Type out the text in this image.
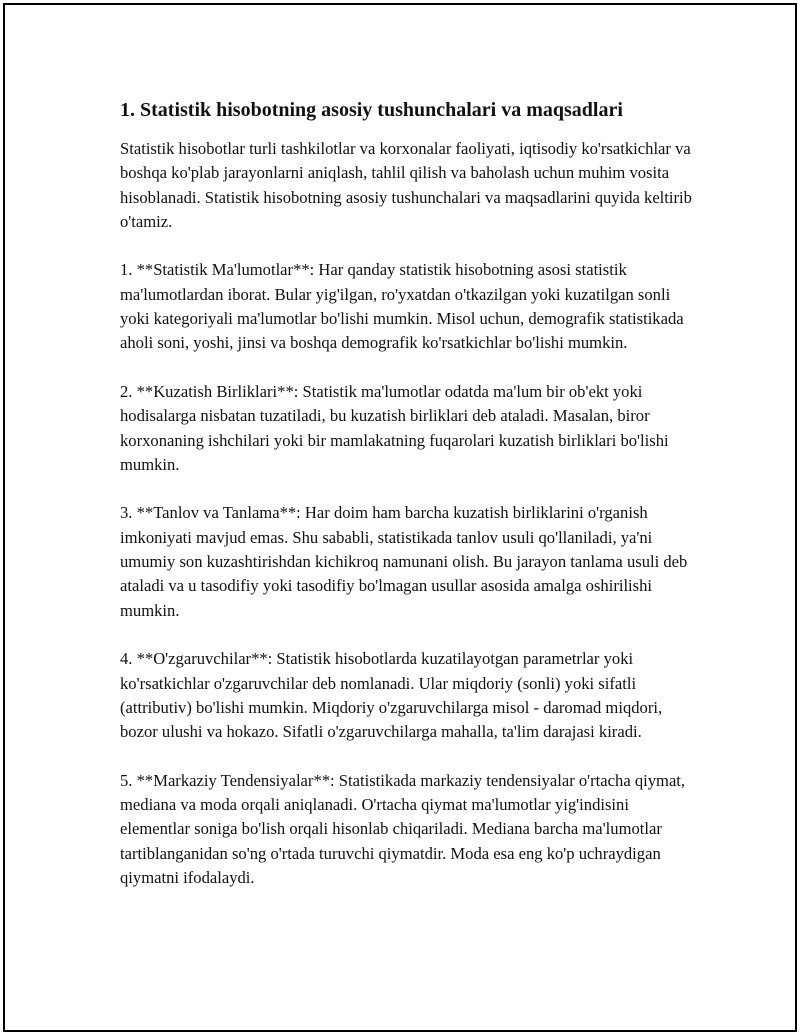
1. Statistik hisobotning asosiy tushunchalari va maqsadlari

Statistik hisobotlar turli tashkilotlar va korxonalar faoliyati, iqtisodiy ko'rsatkichlar va boshqa ko'plab jarayonlarni aniqlash, tahlil qilish va baholash uchun muhim vosita hisoblanadi. Statistik hisobotning asosiy tushunchalari va maqsadlarini quyida keltirib o'tamiz.

1. **Statistik Ma'lumotlar**: Har qanday statistik hisobotning asosi statistik ma'lumotlardan iborat. Bular yig'ilgan, ro'yxatdan o'tkazilgan yoki kuzatilgan sonli yoki kategoriyali ma'lumotlar bo'lishi mumkin. Misol uchun, demografik statistikada aholi soni, yoshi, jinsi va boshqa demografik ko'rsatkichlar bo'lishi mumkin.

2. **Kuzatish Birliklari**: Statistik ma'lumotlar odatda ma'lum bir ob'ekt yoki hodisalarga nisbatan tuzatiladi, bu kuzatish birliklari deb ataladi. Masalan, biror korxonaning ishchilari yoki bir mamlakatning fuqarolari kuzatish birliklari bo'lishi mumkin.

3. **Tanlov va Tanlama**: Har doim ham barcha kuzatish birliklarini o'rganish imkoniyati mavjud emas. Shu sababli, statistikada tanlov usuli qo'llaniladi, ya'ni umumiy son kuzashtirishdan kichikroq namunani olish. Bu jarayon tanlama usuli deb ataladi va u tasodifiy yoki tasodifiy bo'lmagan usullar asosida amalga oshirilishi mumkin.

4. **O'zgaruvchilar**: Statistik hisobotlarda kuzatilayotgan parametrlar yoki ko'rsatkichlar o'zgaruvchilar deb nomlanadi. Ular miqdoriy (sonli) yoki sifatli (attributiv) bo'lishi mumkin. Miqdoriy o'zgaruvchilarga misol - daromad miqdori, bozor ulushi va hokazo. Sifatli o'zgaruvchilarga mahalla, ta'lim darajasi kiradi.

5. **Markaziy Tendensiyalar**: Statistikada markaziy tendensiyalar o'rtacha qiymat, mediana va moda orqali aniqlanadi. O'rtacha qiymat ma'lumotlar yig'indisini elementlar soniga bo'lish orqali hisonlab chiqariladi. Mediana barcha ma'lumotlar tartiblanganidan so'ng o'rtada turuvchi qiymatdir. Moda esa eng ko'p uchraydigan qiymatni ifodalaydi.
